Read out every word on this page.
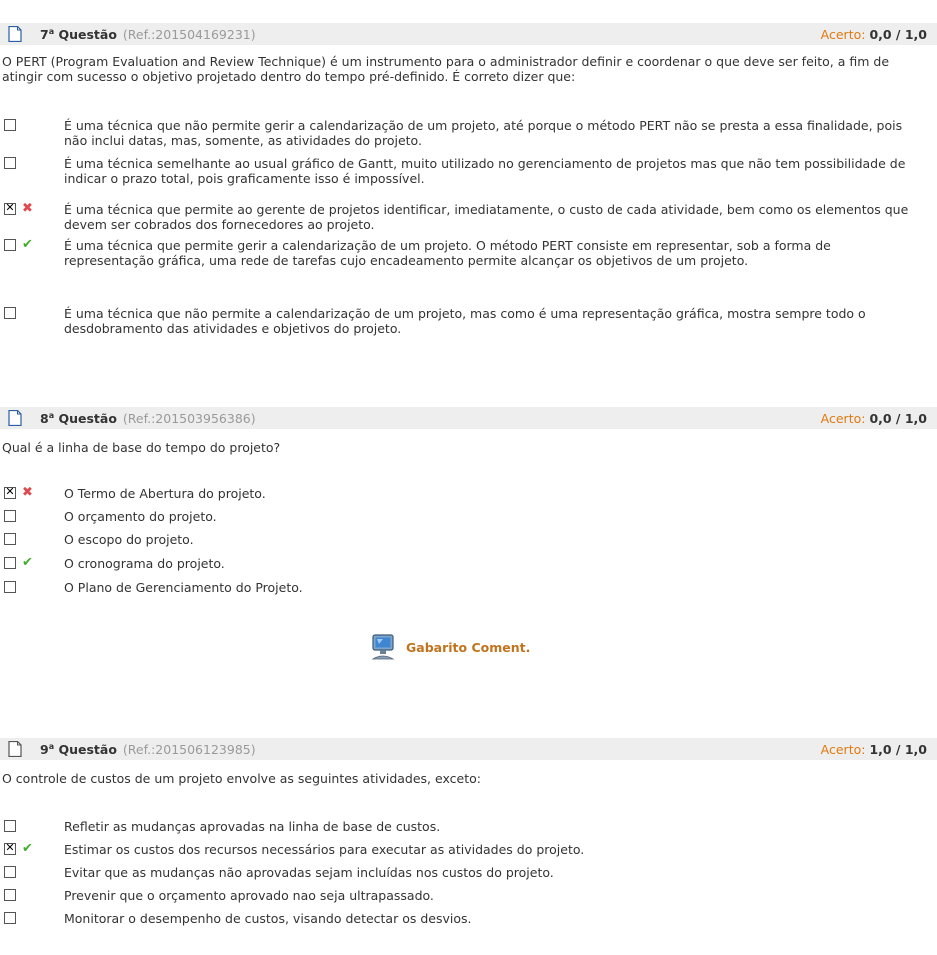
7$^a$ Questão (Ref.:201504169231)	Acerto: 0,0 / 1,0
O PERT (Program Evaluation and Review Technique) é um instrumento para o administrador definir e coordenar o que deve ser feito, a fim de atingir com sucesso o objetivo projetado dentro do tempo pré-definido. É correto dizer que:
É uma técnica que não permite gerir a calendarização de um projeto, até porque o método PERT não se presta a essa finalidade, pois não inclui datas, mas, somente, as atividades do projeto.
É uma técnica semelhante ao usual gráfico de Gantt, muito utilizado no gerenciamento de projetos mas que não tem possibilidade de indicar o prazo total, pois graficamente isso é impossível.
✕
✖ É uma técnica que permite ao gerente de projetos identificar, imediatamente, o custo de cada atividade, bem como os elementos que devem ser cobrados dos fornecedores ao projeto.
✔ É uma técnica que permite gerir a calendarização de um projeto. O método PERT consiste em representar, sob a forma de representação gráfica, uma rede de tarefas cujo encadeamento permite alcançar os objetivos de um projeto.
É uma técnica que não permite a calendarização de um projeto, mas como é uma representação gráfica, mostra sempre todo o desdobramento das atividades e objetivos do projeto.
8$^a$ Questão (Ref.:201503956386)	Acerto: 0,0 / 1,0
Qual é a linha de base do tempo do projeto?
✕
✖ O Termo de Abertura do projeto.
O orçamento do projeto.
O escopo do projeto.
✔ O cronograma do projeto.
O Plano de Gerenciamento do Projeto.
Gabarito Coment.
9$^a$ Questão (Ref.:201506123985)	Acerto: 1,0 / 1,0
O controle de custos de um projeto envolve as seguintes atividades, exceto:
Refletir as mudanças aprovadas na linha de base de custos.
✕
✔ Estimar os custos dos recursos necessários para executar as atividades do projeto.
Evitar que as mudanças não aprovadas sejam incluídas nos custos do projeto.
Prevenir que o orçamento aprovado nao seja ultrapassado.
Monitorar o desempenho de custos, visando detectar os desvios.
